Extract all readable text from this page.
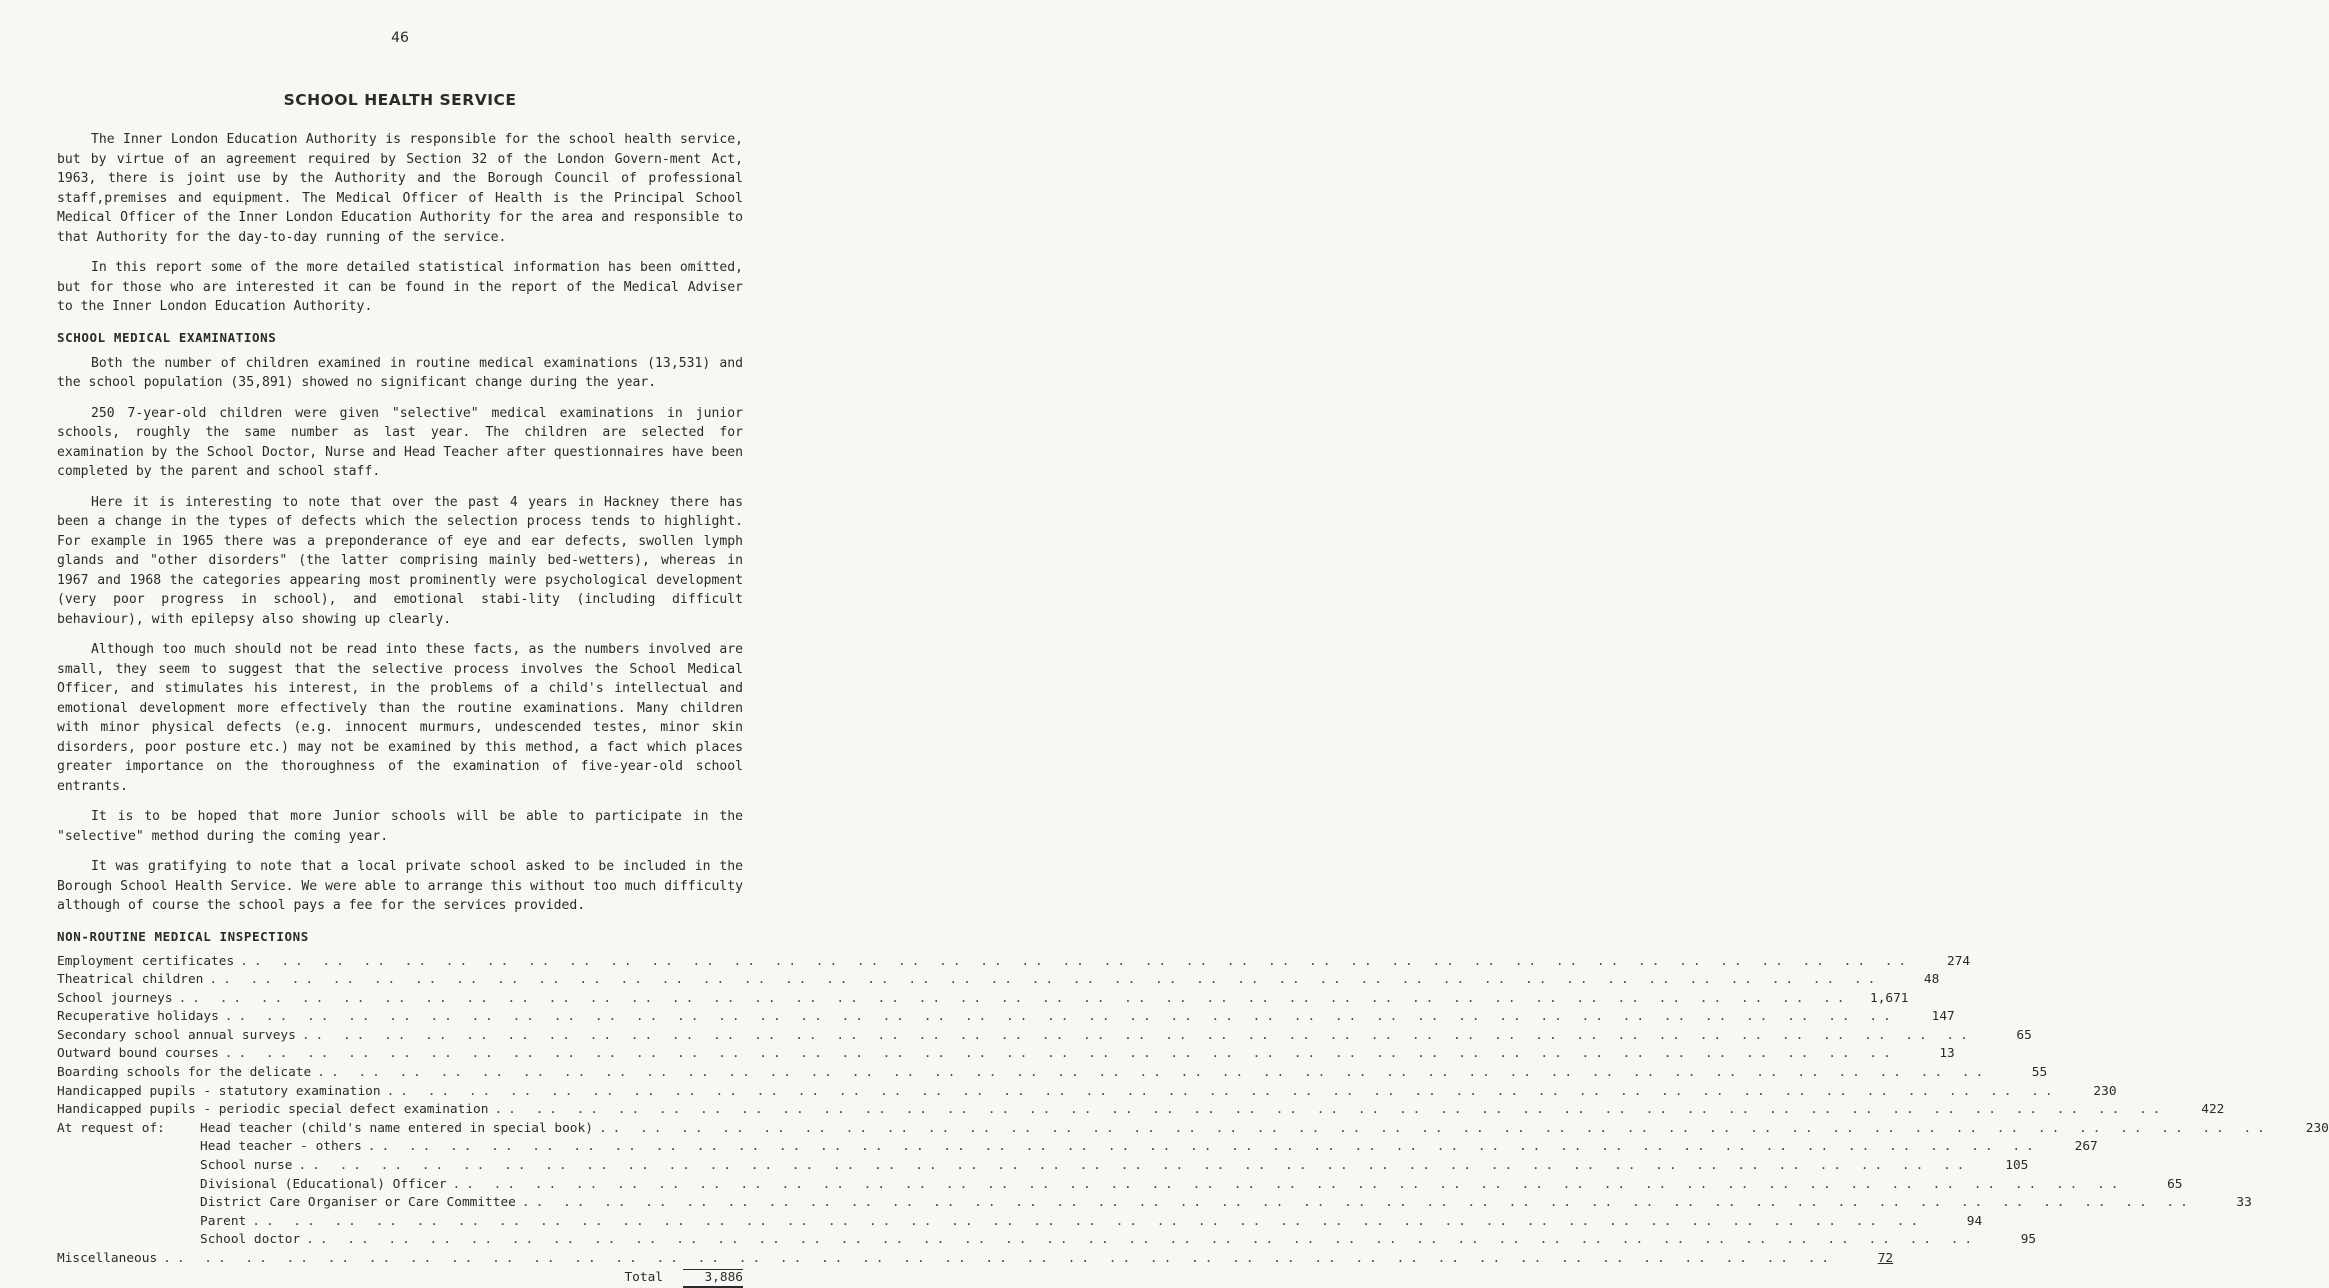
46
SCHOOL HEALTH SERVICE

The Inner London Education Authority is responsible for the school health service, but by virtue of an agreement required by Section 32 of the London Govern-ment Act, 1963, there is joint use by the Authority and the Borough Council of professional staff,premises and equipment. The Medical Officer of Health is the Principal School Medical Officer of the Inner London Education Authority for the area and responsible to that Authority for the day-to-day running of the service.

In this report some of the more detailed statistical information has been omitted, but for those who are interested it can be found in the report of the Medical Adviser to the Inner London Education Authority.

SCHOOL MEDICAL EXAMINATIONS

Both the number of children examined in routine medical examinations (13,531) and the school population (35,891) showed no significant change during the year.

250 7-year-old children were given "selective" medical examinations in junior schools, roughly the same number as last year. The children are selected for examination by the School Doctor, Nurse and Head Teacher after questionnaires have been completed by the parent and school staff.

Here it is interesting to note that over the past 4 years in Hackney there has been a change in the types of defects which the selection process tends to highlight. For example in 1965 there was a preponderance of eye and ear defects, swollen lymph glands and "other disorders" (the latter comprising mainly bed-wetters), whereas in 1967 and 1968 the categories appearing most prominently were psychological development (very poor progress in school), and emotional stabi-lity (including difficult behaviour), with epilepsy also showing up clearly.

Although too much should not be read into these facts, as the numbers involved are small, they seem to suggest that the selective process involves the School Medical Officer, and stimulates his interest, in the problems of a child's intellectual and emotional development more effectively than the routine examinations. Many children with minor physical defects (e.g. innocent murmurs, undescended testes, minor skin disorders, poor posture etc.) may not be examined by this method, a fact which places greater importance on the thoroughness of the examination of five-year-old school entrants.

It is to be hoped that more Junior schools will be able to participate in the "selective" method during the coming year.

It was gratifying to note that a local private school asked to be included in the Borough School Health Service. We were able to arrange this without too much difficulty although of course the school pays a fee for the services provided.

NON-ROUTINE MEDICAL INSPECTIONS
Employment certificates .. .. .. .. .. .. .. .. .. .. .. .. .. .. .. .. .. .. .. .. .. .. .. .. .. .. .. .. .. .. .. .. .. .. .. .. .. .. .. .. ..	274
Theatrical children .. .. .. .. .. .. .. .. .. .. .. .. .. .. .. .. .. .. .. .. .. .. .. .. .. .. .. .. .. .. .. .. .. .. .. .. .. .. .. .. ..	48
School journeys .. .. .. .. .. .. .. .. .. .. .. .. .. .. .. .. .. .. .. .. .. .. .. .. .. .. .. .. .. .. .. .. .. .. .. .. .. .. .. .. ..	1,671
Recuperative holidays .. .. .. .. .. .. .. .. .. .. .. .. .. .. .. .. .. .. .. .. .. .. .. .. .. .. .. .. .. .. .. .. .. .. .. .. .. .. .. .. ..	147
Secondary school annual surveys .. .. .. .. .. .. .. .. .. .. .. .. .. .. .. .. .. .. .. .. .. .. .. .. .. .. .. .. .. .. .. .. .. .. .. .. .. .. .. .. ..	65
Outward bound courses .. .. .. .. .. .. .. .. .. .. .. .. .. .. .. .. .. .. .. .. .. .. .. .. .. .. .. .. .. .. .. .. .. .. .. .. .. .. .. .. ..	13
Boarding schools for the delicate .. .. .. .. .. .. .. .. .. .. .. .. .. .. .. .. .. .. .. .. .. .. .. .. .. .. .. .. .. .. .. .. .. .. .. .. .. .. .. .. ..	55
Handicapped pupils - statutory examination .. .. .. .. .. .. .. .. .. .. .. .. .. .. .. .. .. .. .. .. .. .. .. .. .. .. .. .. .. .. .. .. .. .. .. .. .. .. .. .. ..	230
Handicapped pupils - periodic special defect examination .. .. .. .. .. .. .. .. .. .. .. .. .. .. .. .. .. .. .. .. .. .. .. .. .. .. .. .. .. .. .. .. .. .. .. .. .. .. .. .. ..	422
At request of:	Head teacher (child's name entered in special book) .. .. .. .. .. .. .. .. .. .. .. .. .. .. .. .. .. .. .. .. .. .. .. .. .. .. .. .. .. .. .. .. .. .. .. .. .. .. .. .. ..	230
Head teacher - others .. .. .. .. .. .. .. .. .. .. .. .. .. .. .. .. .. .. .. .. .. .. .. .. .. .. .. .. .. .. .. .. .. .. .. .. .. .. .. .. ..	267
School nurse .. .. .. .. .. .. .. .. .. .. .. .. .. .. .. .. .. .. .. .. .. .. .. .. .. .. .. .. .. .. .. .. .. .. .. .. .. .. .. .. ..	105
Divisional (Educational) Officer .. .. .. .. .. .. .. .. .. .. .. .. .. .. .. .. .. .. .. .. .. .. .. .. .. .. .. .. .. .. .. .. .. .. .. .. .. .. .. .. ..	65
District Care Organiser or Care Committee .. .. .. .. .. .. .. .. .. .. .. .. .. .. .. .. .. .. .. .. .. .. .. .. .. .. .. .. .. .. .. .. .. .. .. .. .. .. .. .. ..	33
Parent .. .. .. .. .. .. .. .. .. .. .. .. .. .. .. .. .. .. .. .. .. .. .. .. .. .. .. .. .. .. .. .. .. .. .. .. .. .. .. .. ..	94
School doctor .. .. .. .. .. .. .. .. .. .. .. .. .. .. .. .. .. .. .. .. .. .. .. .. .. .. .. .. .. .. .. .. .. .. .. .. .. .. .. .. ..	95
Miscellaneous .. .. .. .. .. .. .. .. .. .. .. .. .. .. .. .. .. .. .. .. .. .. .. .. .. .. .. .. .. .. .. .. .. .. .. .. .. .. .. .. ..	72
Total	3,886
